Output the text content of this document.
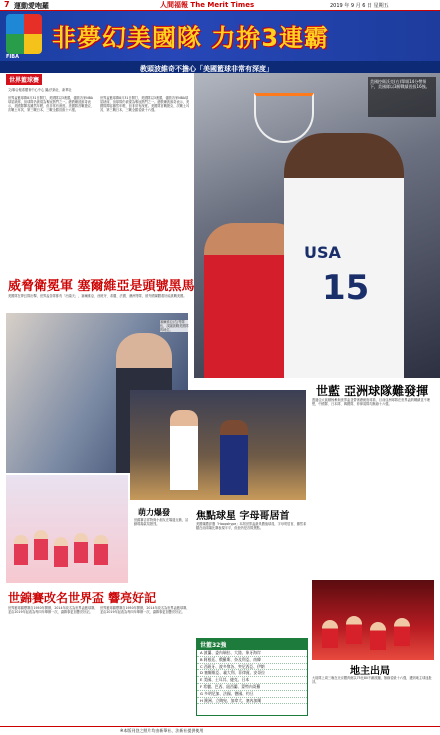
7 運動愛咆羅	人間福報 The Merit Times	2019 年 9 月 6 日 星期五
FIBA
非夢幻美國隊 力拚3連霸
世界籃球賽
教頭波維奇不擔心「美國籃球非常有深度」
USA
15
美國控衛沃克(右)單場14分帶領下，美國隊以3勝戰績晉級16強。
文/聯合報系體育中心中心 圖/法新社、新華社
世界盃籃球賽8月31日開打，美國隊以3連勝，儘管各家NBA球星缺席，但球隊仍被視為奪冠熱門之一。總教練波維奇表示，美國隊陣容雖然年輕，但非常有深度。美國隊首戰捷克、次戰土耳其、第三戰日本，三戰全勝晉級十六強。
世界盃籃球賽8月31日開打，美國隊以3連勝，儘管各家NBA球星缺席，但球隊仍被視為奪冠熱門之一。總教練波維奇表示，美國隊陣容雖然年輕，但非常有深度。美國隊首戰捷克、次戰土耳其、第三戰日本，三戰全勝晉級十六強。
威脅衛冕軍 塞爾維亞是頭號黑馬
美國隊在夢幻隊出擊，世界盃各隊都有「出頭天」，塞爾維亞、西班牙、希臘、法國、澳洲等隊，被外國媒體看好能挑戰美國。
塞爾維亞(右)等隊伍，試圖挑戰美國隊的地位。
世藍 亞洲球隊難發揮
透過亞太區積極參與世界盃並帶著總統府球員，目前亞洲球隊在世界盃的戰績並不理想，中國隊、日本隊、韓國隊、菲律賓隊均無緣十六強。
萌力爆發
世錦賽吉祥物與小朋友在場邊互動，活動現場氣氛熱烈。
焦點球星 字母哥居首
美國媒體評選「Hoopshype」本屆世界盃最具價值球員，字母哥居首，雖然希臘在前兩場比賽表現平平，但他仍是各隊焦點。
世錦賽改名世界盃 響亮好記
世界籃球錦標賽自1950年開辦，2014年改名為世界盃籃球賽，並由2019年起改為每四年舉辦一次，讓賽事更加響亮好記。
世界籃球錦標賽自1950年開辦，2014年改名為世界盃籃球賽，並由2019年起改為每四年舉辦一次，讓賽事更加響亮好記。
世籃32強
A 波蘭、委內瑞拉、大陸、象牙海岸
B 阿根廷、俄羅斯、奈及利亞、南韓
C 西班牙、波多黎各、突尼西亞、伊朗
D 塞爾維亞、義大利、菲律賓、安哥拉
E 美國、土耳其、捷克、日本
F 希臘、巴西、紐西蘭、蒙特內哥羅
G 多明尼加、法國、德國、約旦
H 澳洲、立陶宛、加拿大、塞內加爾
地主出局
大陸隊上周三晚在北京體育館以75比80不敵波蘭，無緣晉級十六強，遭到地主球迷批評。
※本版刊登之照片均由新華社、法新社提供使用
